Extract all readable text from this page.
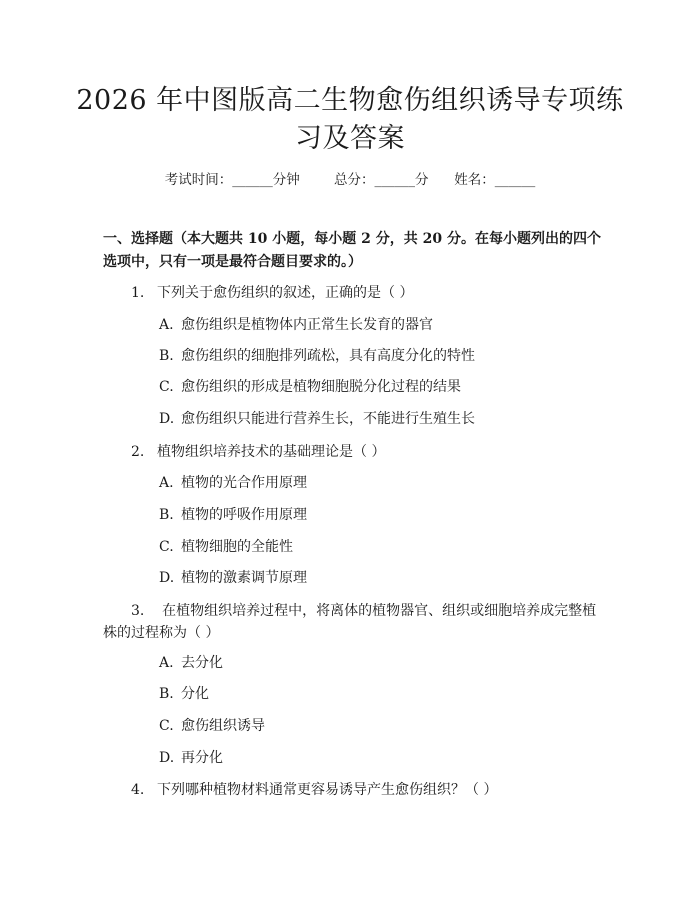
2026 年中图版高二生物愈伤组织诱导专项练
习及答案
考试时间：______分钟	总分：______分 姓名：______
一、选择题（本大题共 10 小题，每小题 2 分，共 20 分。在每小题列出的四个选项中，只有一项是最符合题目要求的。）
1. 下列关于愈伤组织的叙述，正确的是（ ）
A. 愈伤组织是植物体内正常生长发育的器官
B. 愈伤组织的细胞排列疏松，具有高度分化的特性
C. 愈伤组织的形成是植物细胞脱分化过程的结果
D. 愈伤组织只能进行营养生长，不能进行生殖生长
2. 植物组织培养技术的基础理论是（ ）
A. 植物的光合作用原理
B. 植物的呼吸作用原理
C. 植物细胞的全能性
D. 植物的激素调节原理
3. 在植物组织培养过程中，将离体的植物器官、组织或细胞培养成完整植株的过程称为（ ）
A. 去分化
B. 分化
C. 愈伤组织诱导
D. 再分化
4. 下列哪种植物材料通常更容易诱导产生愈伤组织？（ ）
